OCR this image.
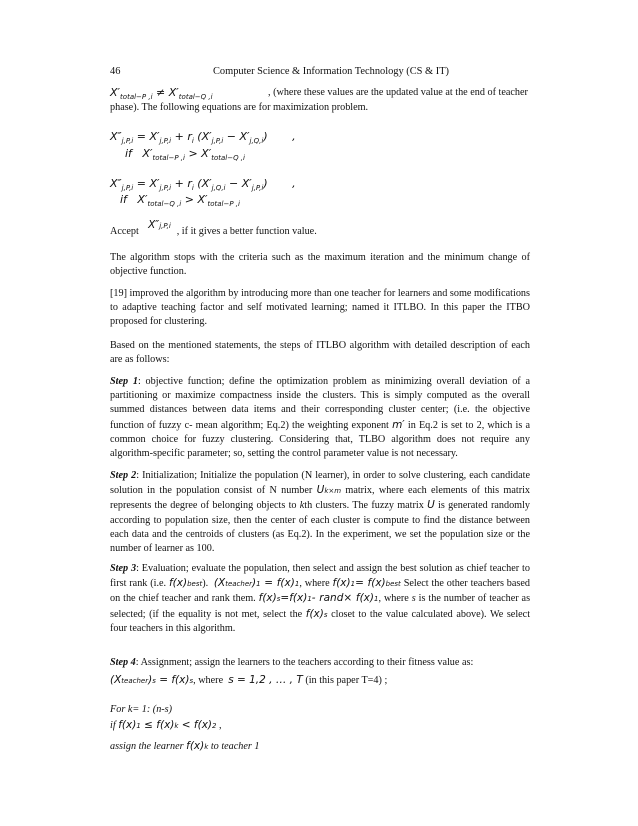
46	Computer Science & Information Technology (CS & IT)
$X'_{total-P ,i} \ne X'_{total-Q ,i}$	, (where these values are the updated value at the end of teacher
phase). The following equations are for maximization problem.
$X''_{j,P,i} = X'_{j,P,i} + r_i$ $(X'_{j,P,i} - X'_{j,Q,i})$       ,
if   $X'_{total-P ,i} > X'_{total-Q ,i}$
$X''_{j,P,i} = X'_{j,P,i} + r_i$ $(X'_{j,Q,i} - X'_{j,P,i})$       ,
if   $X'_{total-Q ,i} > X'_{total-P ,i}$
Accept   X″j,P,i , if it gives a better function value.
The algorithm stops with the criteria such as the maximum iteration and the minimum change of objective function.
[19] improved the algorithm by introducing more than one teacher for learners and some modifications to adaptive teaching factor and self motivated learning; named it ITLBO. In this paper the ITBO proposed for clustering.
Based on the mentioned statements, the steps of ITLBO algorithm with detailed description of each are as follows:
Step 1: objective function; define the optimization problem as minimizing overall deviation of a partitioning or maximize compactness inside the clusters. This is simply computed as the overall summed distances between data items and their corresponding cluster center; (i.e. the objective function of fuzzy c- mean algorithm; Eq.2) the weighting exponent m′ in Eq.2 is set to 2, which is a common choice for fuzzy clustering. Considering that, TLBO algorithm does not require any algorithm-specific parameter; so, setting the control parameter value is not necessary.
Step 2: Initialization; Initialize the population (N learner), in order to solve clustering, each candidate solution in the population consist of N number Uk×m matrix, where each elements of this matrix represents the degree of belonging objects to kth clusters. The fuzzy matrix U is generated randomly according to population size, then the center of each cluster is compute to find the distance between each data and the centroids of clusters (as Eq.2). In the experiment, we set the population size or the number of learner as 100.
Step 3: Evaluation; evaluate the population, then select and assign the best solution as chief teacher to first rank (i.e. f(x)best).  (Xteacher)1 = f(x)1, where f(x)1= f(x)best Select the other teachers based on the chief teacher and rank them. f(x)s=f(x)1- rand× f(x)1, where s is the number of teacher as selected; (if the equality is not met, select the f(x)s closet to the value calculated above). We select four teachers in this algorithm.
Step 4: Assignment; assign the learners to the teachers according to their fitness value as:
(Xteacher)s = f(x)s, where s = 1,2 , … , T (in this paper T=4) ;
For k= 1: (n-s)
if f(x)1 ≤ f(x)k < f(x)2 ,
assign the learner f(x)k to teacher 1
